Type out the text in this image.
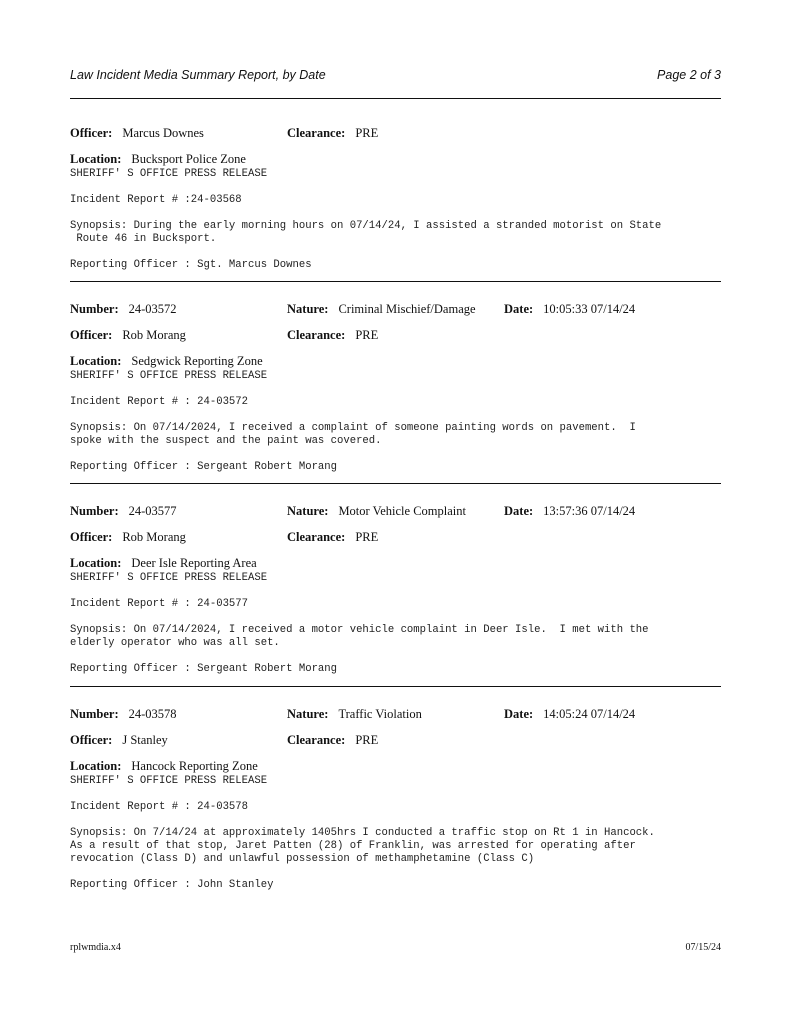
Law Incident Media Summary Report, by Date	Page 2 of 3
Officer: Marcus Downes	Clearance: PRE
Location: Bucksport Police Zone
SHERIFF' S OFFICE PRESS RELEASE
Incident Report # :24-03568
Synopsis: During the early morning hours on 07/14/24, I assisted a stranded motorist on State
Route 46 in Bucksport.
Reporting Officer : Sgt. Marcus Downes
Number: 24-03572	Nature: Criminal Mischief/Damage Date: 10:05:33 07/14/24
Officer: Rob Morang	Clearance: PRE
Location: Sedgwick Reporting Zone
SHERIFF' S OFFICE PRESS RELEASE
Incident Report # : 24-03572
Synopsis: On 07/14/2024, I received a complaint of someone painting words on pavement.  I
spoke with the suspect and the paint was covered.
Reporting Officer : Sergeant Robert Morang
Number: 24-03577	Nature: Motor Vehicle Complaint	Date: 13:57:36 07/14/24
Officer: Rob Morang	Clearance: PRE
Location: Deer Isle Reporting Area
SHERIFF' S OFFICE PRESS RELEASE
Incident Report # : 24-03577
Synopsis: On 07/14/2024, I received a motor vehicle complaint in Deer Isle.  I met with the
elderly operator who was all set.
Reporting Officer : Sergeant Robert Morang
Number: 24-03578	Nature: Traffic Violation	Date: 14:05:24 07/14/24
Officer: J Stanley	Clearance: PRE
Location: Hancock Reporting Zone
SHERIFF' S OFFICE PRESS RELEASE
Incident Report # : 24-03578
Synopsis: On 7/14/24 at approximately 1405hrs I conducted a traffic stop on Rt 1 in Hancock.
As a result of that stop, Jaret Patten (28) of Franklin, was arrested for operating after
revocation (Class D) and unlawful possession of methamphetamine (Class C)
Reporting Officer : John Stanley
rplwmdia.x4	07/15/24
